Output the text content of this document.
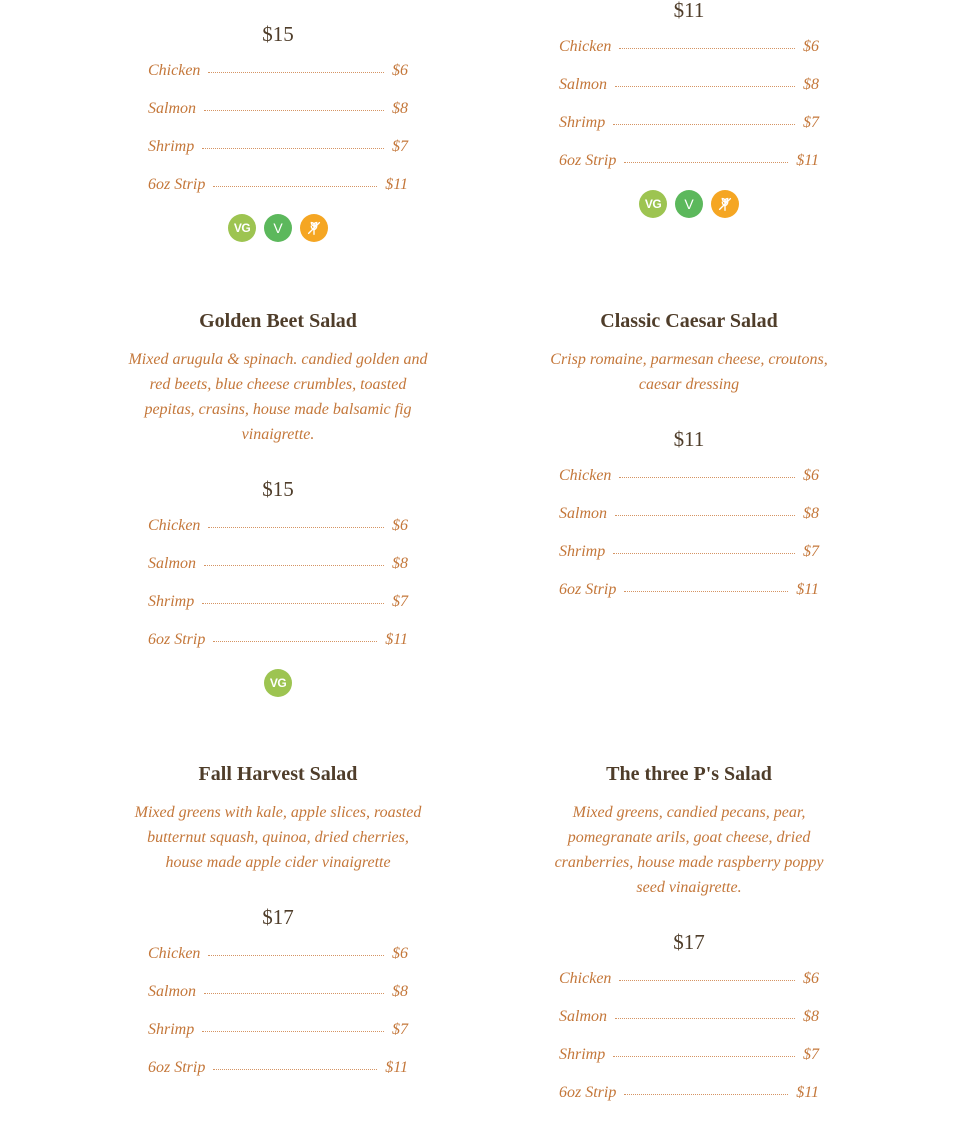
$15
Chicken	$6
Salmon	$8
Shrimp	$7
6oz Strip	$11
VG	V
$11
Chicken	$6
Salmon	$8
Shrimp	$7
6oz Strip	$11
VG	V
Golden Beet Salad

Mixed arugula & spinach. candied golden and red beets, blue cheese crumbles, toasted pepitas, crasins, house made balsamic fig vinaigrette.

$15
Chicken	$6
Salmon	$8
Shrimp	$7
6oz Strip	$11
VG
Classic Caesar Salad

Crisp romaine, parmesan cheese, croutons, caesar dressing

$11
Chicken	$6
Salmon	$8
Shrimp	$7
6oz Strip	$11
Fall Harvest Salad

Mixed greens with kale, apple slices, roasted butternut squash, quinoa, dried cherries, house made apple cider vinaigrette

$17
Chicken	$6
Salmon	$8
Shrimp	$7
6oz Strip	$11
The three P's Salad

Mixed greens, candied pecans, pear, pomegranate arils, goat cheese, dried cranberries, house made raspberry poppy seed vinaigrette.

$17
Chicken	$6
Salmon	$8
Shrimp	$7
6oz Strip	$11
